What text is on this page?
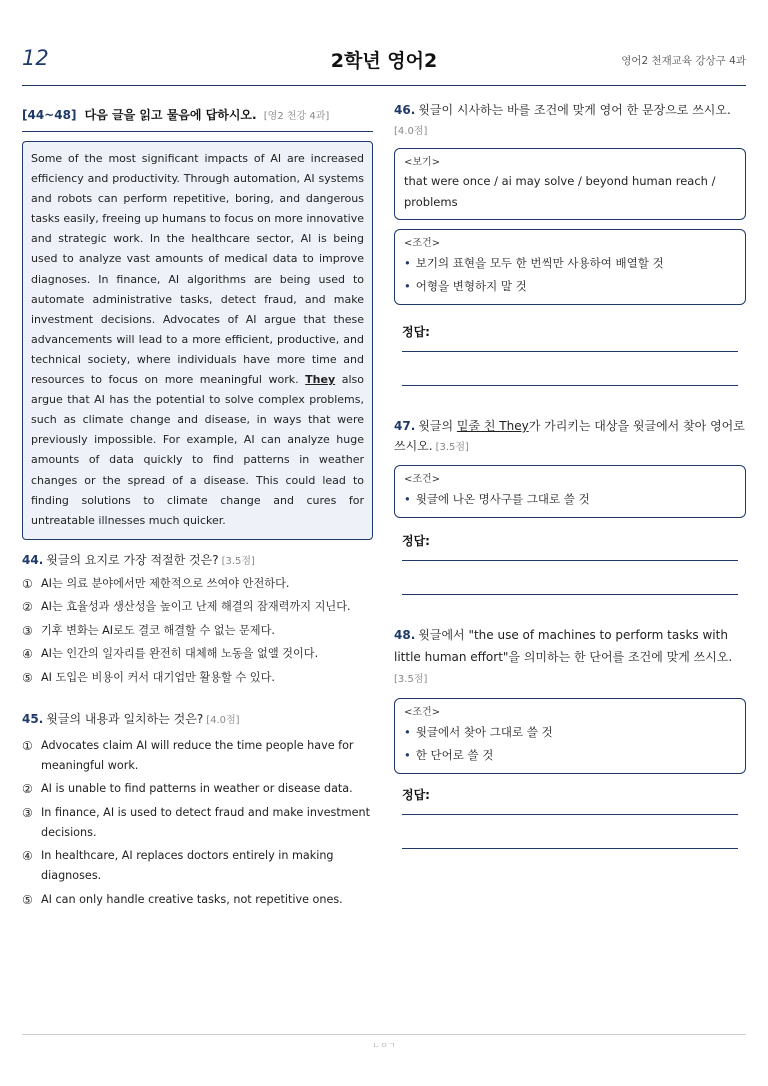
12	2학년 영어2	영어2 천재교육 강상구 4과
[44~48] 다음 글을 읽고 물음에 답하시오. [영2 천강 4과]
Some of the most significant impacts of AI are increased efficiency and productivity. Through automation, AI systems and robots can perform repetitive, boring, and dangerous tasks easily, freeing up humans to focus on more innovative and strategic work. In the healthcare sector, AI is being used to analyze vast amounts of medical data to improve diagnoses. In finance, AI algorithms are being used to automate administrative tasks, detect fraud, and make investment decisions. Advocates of AI argue that these advancements will lead to a more efficient, productive, and technical society, where individuals have more time and resources to focus on more meaningful work. They also argue that AI has the potential to solve complex problems, such as climate change and disease, in ways that were previously impossible. For example, AI can analyze huge amounts of data quickly to find patterns in weather changes or the spread of a disease. This could lead to finding solutions to climate change and cures for untreatable illnesses much quicker.
44. 윗글의 요지로 가장 적절한 것은? [3.5점]
① AI는 의료 분야에서만 제한적으로 쓰여야 안전하다.
② AI는 효율성과 생산성을 높이고 난제 해결의 잠재력까지 지닌다.
③ 기후 변화는 AI로도 결코 해결할 수 없는 문제다.
④ AI는 인간의 일자리를 완전히 대체해 노동을 없앨 것이다.
⑤ AI 도입은 비용이 커서 대기업만 활용할 수 있다.
45. 윗글의 내용과 일치하는 것은? [4.0점]
① Advocates claim AI will reduce the time people have for meaningful work.
② AI is unable to find patterns in weather or disease data.
③ In finance, AI is used to detect fraud and make investment decisions.
④ In healthcare, AI replaces doctors entirely in making diagnoses.
⑤ AI can only handle creative tasks, not repetitive ones.
46. 윗글이 시사하는 바를 조건에 맞게 영어 한 문장으로 쓰시오.
[4.0점]
<보기>
that were once / ai may solve / beyond human reach / problems
<조건>
• 보기의 표현을 모두 한 번씩만 사용하여 배열할 것
• 어형을 변형하지 말 것
정답:
47. 윗글의 밑줄 친 They가 가리키는 대상을 윗글에서 찾아 영어로 쓰시오. [3.5점]
<조건>
• 윗글에 나온 명사구를 그대로 쓸 것
정답:
48. 윗글에서 "the use of machines to perform tasks with little human effort"을 의미하는 한 단어를 조건에 맞게 쓰시오.
[3.5점]
<조건>
• 윗글에서 찾아 그대로 쓸 것
• 한 단어로 쓸 것
정답:
ㄴㅇㄱ
